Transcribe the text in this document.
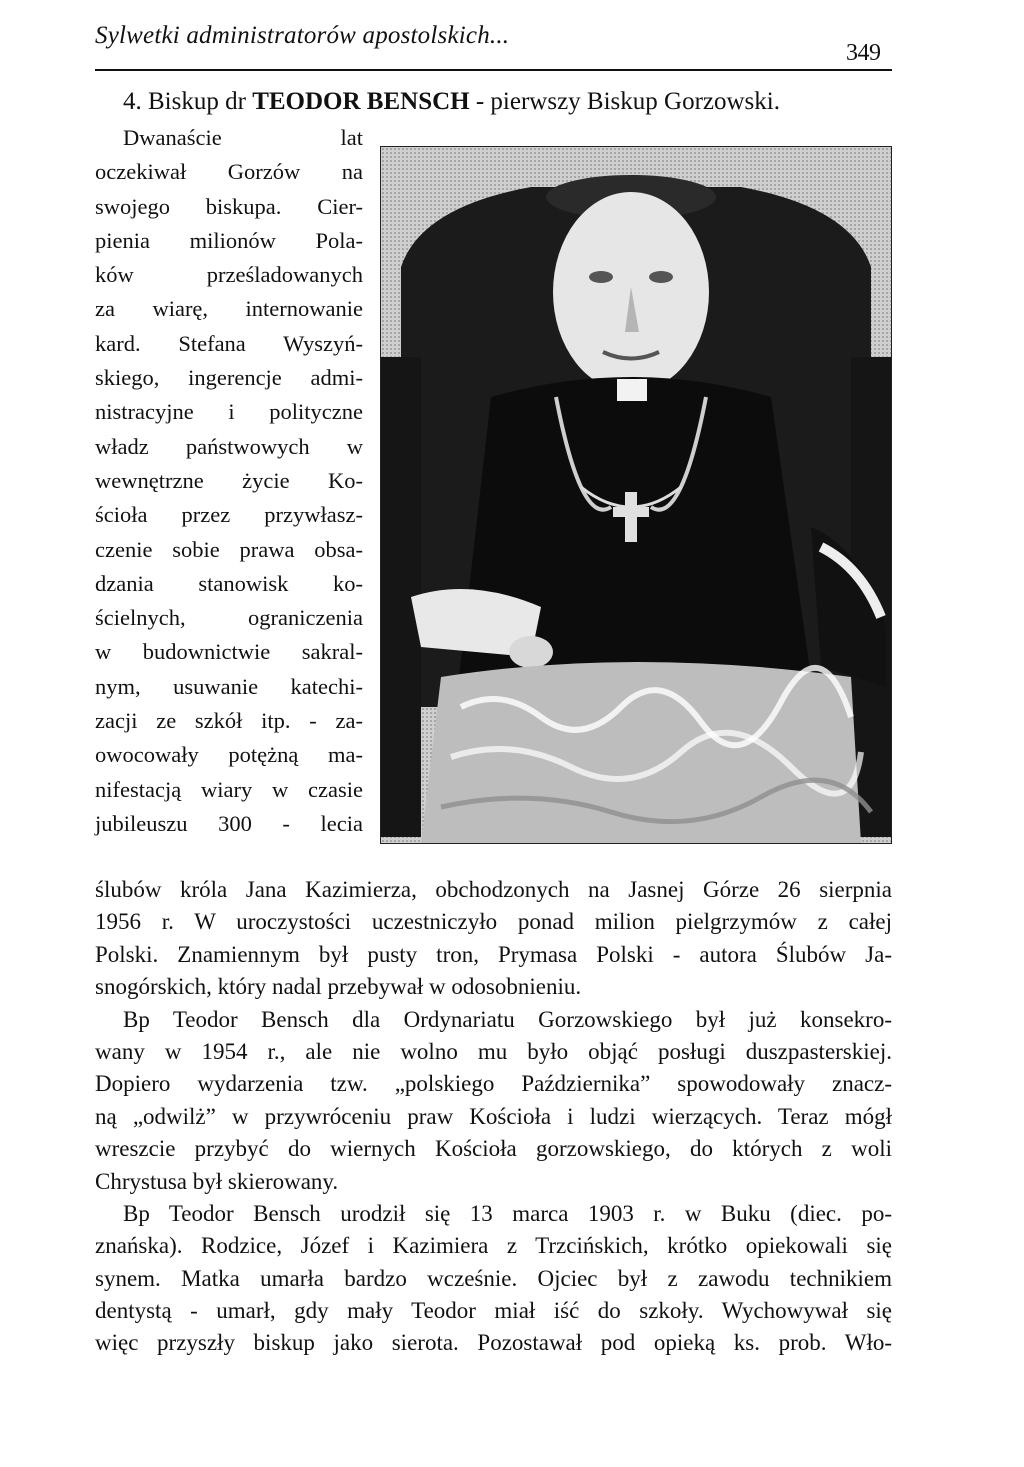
Sylwetki administratorów apostolskich...
349
4. Biskup dr TEODOR BENSCH - pierwszy Biskup Gorzowski.
Dwanaście lat
oczekiwał Gorzów na
swojego biskupa. Cier-
pienia milionów Pola-
ków prześladowanych
za wiarę, internowanie
kard. Stefana Wyszyń-
skiego, ingerencje admi-
nistracyjne i polityczne
władz państwowych w
wewnętrzne życie Ko-
ścioła przez przywłasz-
czenie sobie prawa obsa-
dzania stanowisk ko-
ścielnych, ograniczenia
w budownictwie sakral-
nym, usuwanie katechi-
zacji ze szkół itp. - za-
owocowały potężną ma-
nifestacją wiary w czasie
jubileuszu 300 - lecia
ślubów króla Jana Kazimierza, obchodzonych na Jasnej Górze 26 sierpnia
1956 r. W uroczystości uczestniczyło ponad milion pielgrzymów z całej
Polski. Znamiennym był pusty tron, Prymasa Polski - autora Ślubów Ja-
snogórskich, który nadal przebywał w odosobnieniu.
Bp Teodor Bensch dla Ordynariatu Gorzowskiego był już konsekro-
wany w 1954 r., ale nie wolno mu było objąć posługi duszpasterskiej.
Dopiero wydarzenia tzw. „polskiego Października” spowodowały znacz-
ną „odwilż” w przywróceniu praw Kościoła i ludzi wierzących. Teraz mógł
wreszcie przybyć do wiernych Kościoła gorzowskiego, do których z woli
Chrystusa był skierowany.
Bp Teodor Bensch urodził się 13 marca 1903 r. w Buku (diec. po-
znańska). Rodzice, Józef i Kazimiera z Trzcińskich, krótko opiekowali się
synem. Matka umarła bardzo wcześnie. Ojciec był z zawodu technikiem
dentystą - umarł, gdy mały Teodor miał iść do szkoły. Wychowywał się
więc przyszły biskup jako sierota. Pozostawał pod opieką ks. prob. Wło-
